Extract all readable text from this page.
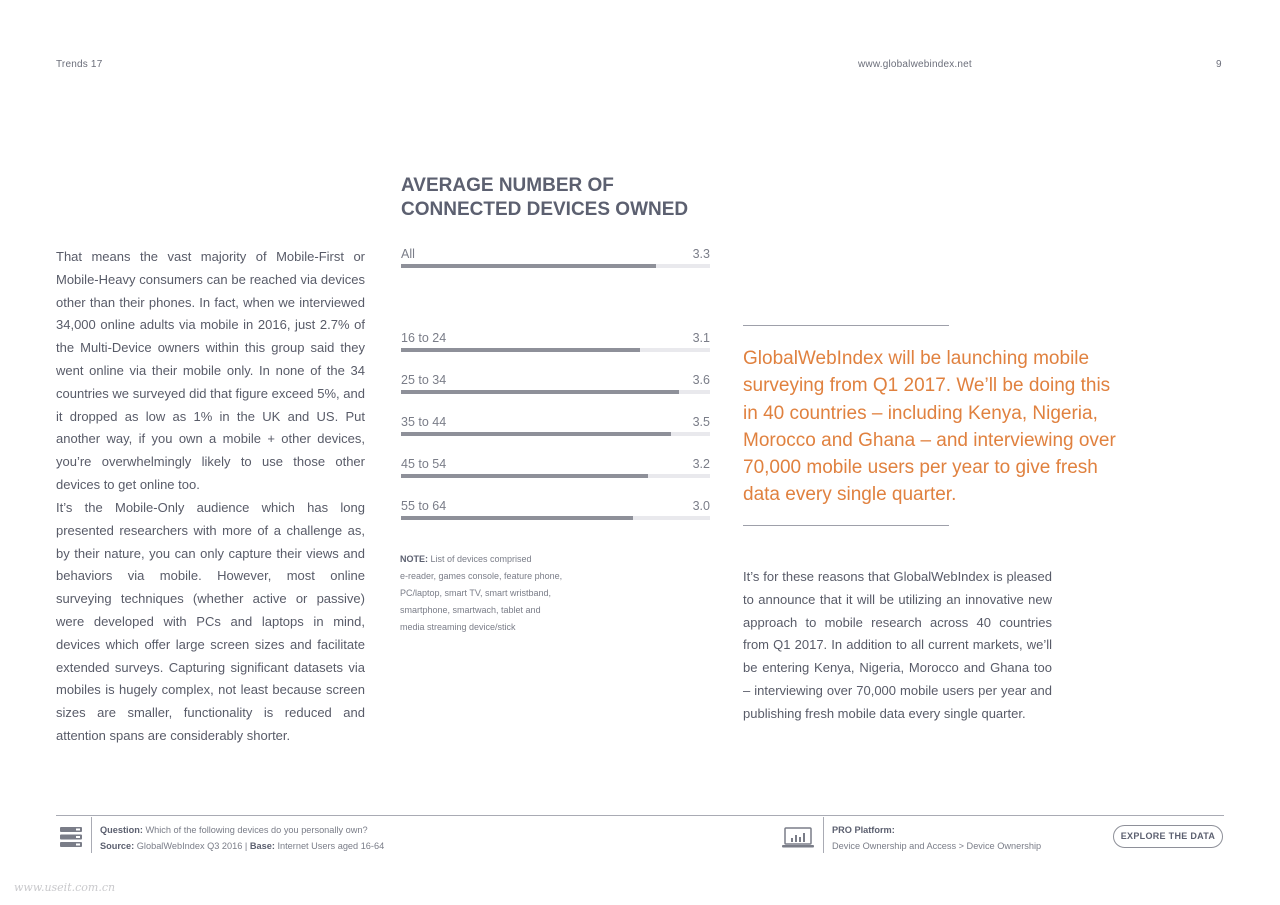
Trends 17	www.globalwebindex.net	9
That means the vast majority of Mobile-First or Mobile-Heavy consumers can be reached via devices other than their phones. In fact, when we interviewed 34,000 online adults via mobile in 2016, just 2.7% of the Multi-Device owners within this group said they went online via their mobile only. In none of the 34 countries we surveyed did that figure exceed 5%, and it dropped as low as 1% in the UK and US. Put another way, if you own a mobile + other devices, you’re overwhelmingly likely to use those other devices to get online too.
It’s the Mobile-Only audience which has long presented researchers with more of a challenge as, by their nature, you can only capture their views and behaviors via mobile. However, most online surveying techniques (whether active or passive) were developed with PCs and laptops in mind, devices which offer large screen sizes and facilitate extended surveys. Capturing significant datasets via mobiles is hugely complex, not least because screen sizes are smaller, functionality is reduced and attention spans are considerably shorter.
AVERAGE NUMBER OF
CONNECTED DEVICES OWNED
All	3.3
16 to 24	3.1
25 to 34	3.6
35 to 44	3.5
45 to 54	3.2
55 to 64	3.0
NOTE: List of devices comprised
e-reader, games console, feature phone,
PC/laptop, smart TV, smart wristband,
smartphone, smartwach, tablet and
media streaming device/stick
GlobalWebIndex will be launching mobile surveying from Q1 2017. We’ll be doing this in 40 countries – including Kenya, Nigeria, Morocco and Ghana – and interviewing over 70,000 mobile users per year to give fresh data every single quarter.
It’s for these reasons that GlobalWebIndex is pleased to announce that it will be utilizing an innovative new approach to mobile research across 40 countries from Q1 2017. In addition to all current markets, we’ll be entering Kenya, Nigeria, Morocco and Ghana too – interviewing over 70,000 mobile users per year and publishing fresh mobile data every single quarter.
Question: Which of the following devices do you personally own?
Source: GlobalWebIndex Q3 2016 | Base: Internet Users aged 16-64
PRO Platform:
Device Ownership and Access > Device Ownership
EXPLORE THE DATA
www.useit.com.cn
